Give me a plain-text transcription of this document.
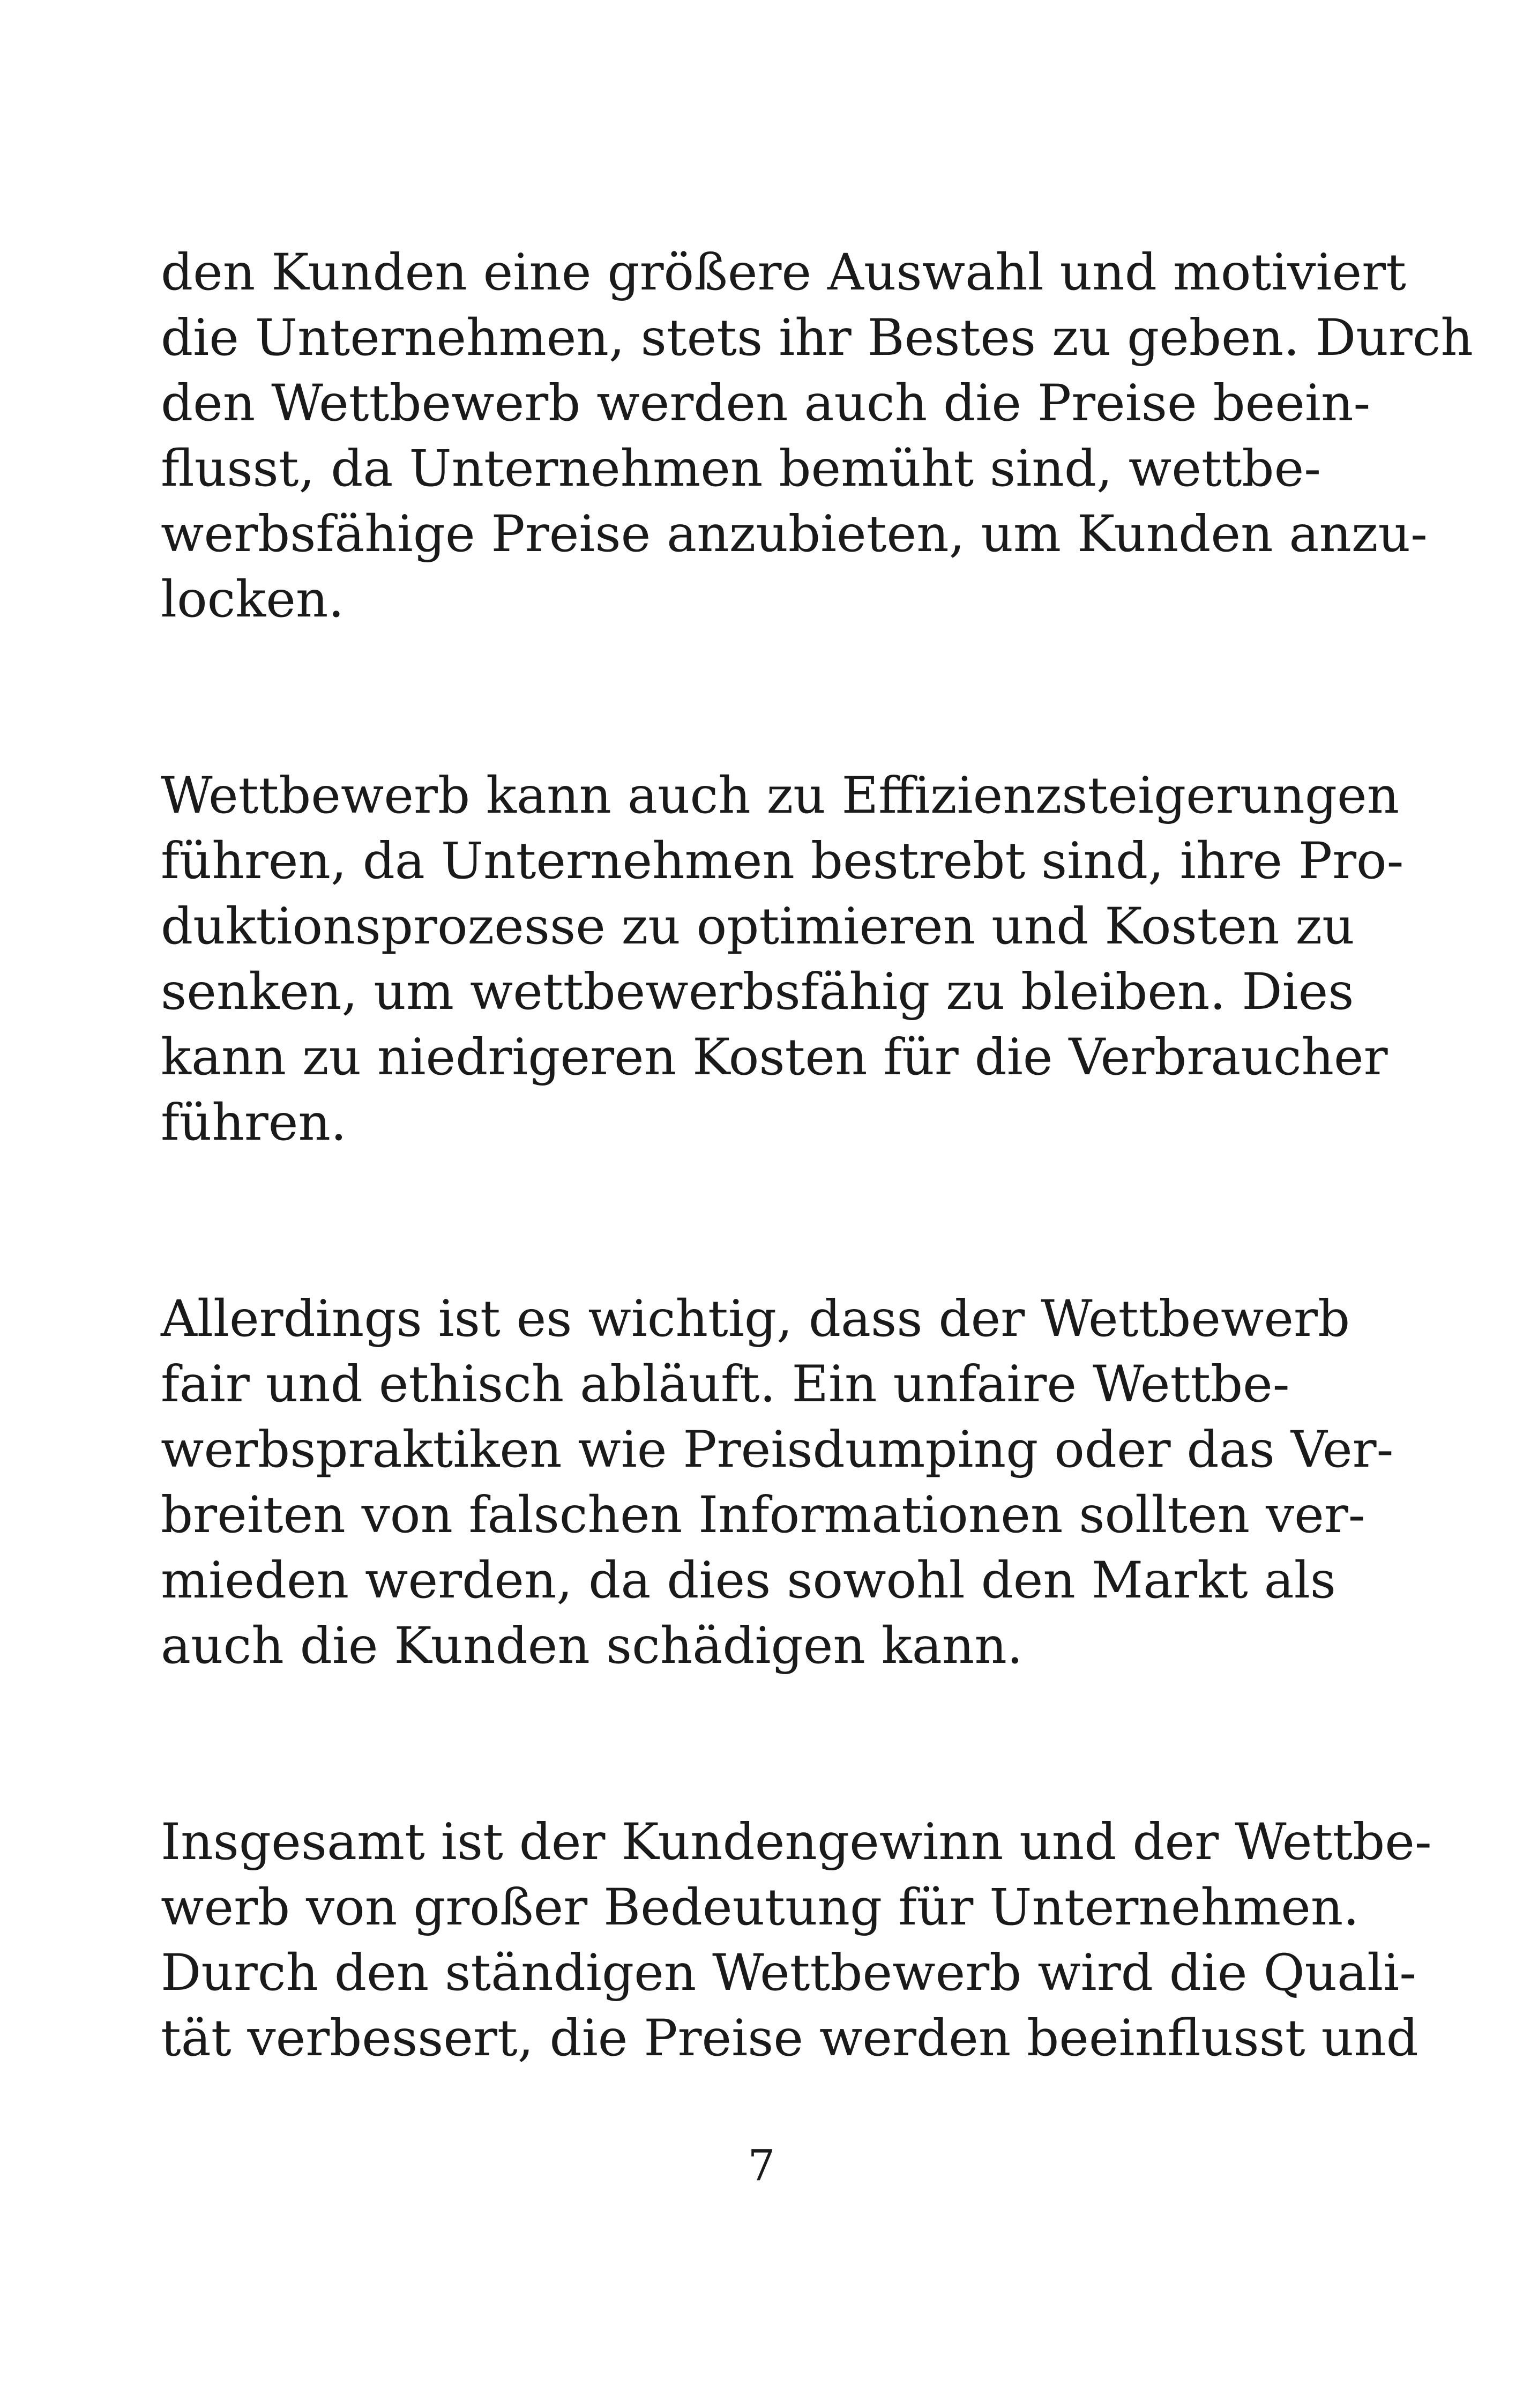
den Kunden eine größere Auswahl und motiviert
die Unternehmen, stets ihr Bestes zu geben. Durch
den Wettbewerb werden auch die Preise beein-
flusst, da Unternehmen bemüht sind, wettbe-
werbsfähige Preise anzubieten, um Kunden anzu-
locken.
Wettbewerb kann auch zu Effizienzsteigerungen
führen, da Unternehmen bestrebt sind, ihre Pro-
duktionsprozesse zu optimieren und Kosten zu
senken, um wettbewerbsfähig zu bleiben. Dies
kann zu niedrigeren Kosten für die Verbraucher
führen.
Allerdings ist es wichtig, dass der Wettbewerb
fair und ethisch abläuft. Ein unfaire Wettbe-
werbspraktiken wie Preisdumping oder das Ver-
breiten von falschen Informationen sollten ver-
mieden werden, da dies sowohl den Markt als
auch die Kunden schädigen kann.
Insgesamt ist der Kundengewinn und der Wettbe-
werb von großer Bedeutung für Unternehmen.
Durch den ständigen Wettbewerb wird die Quali-
tät verbessert, die Preise werden beeinflusst und
7
